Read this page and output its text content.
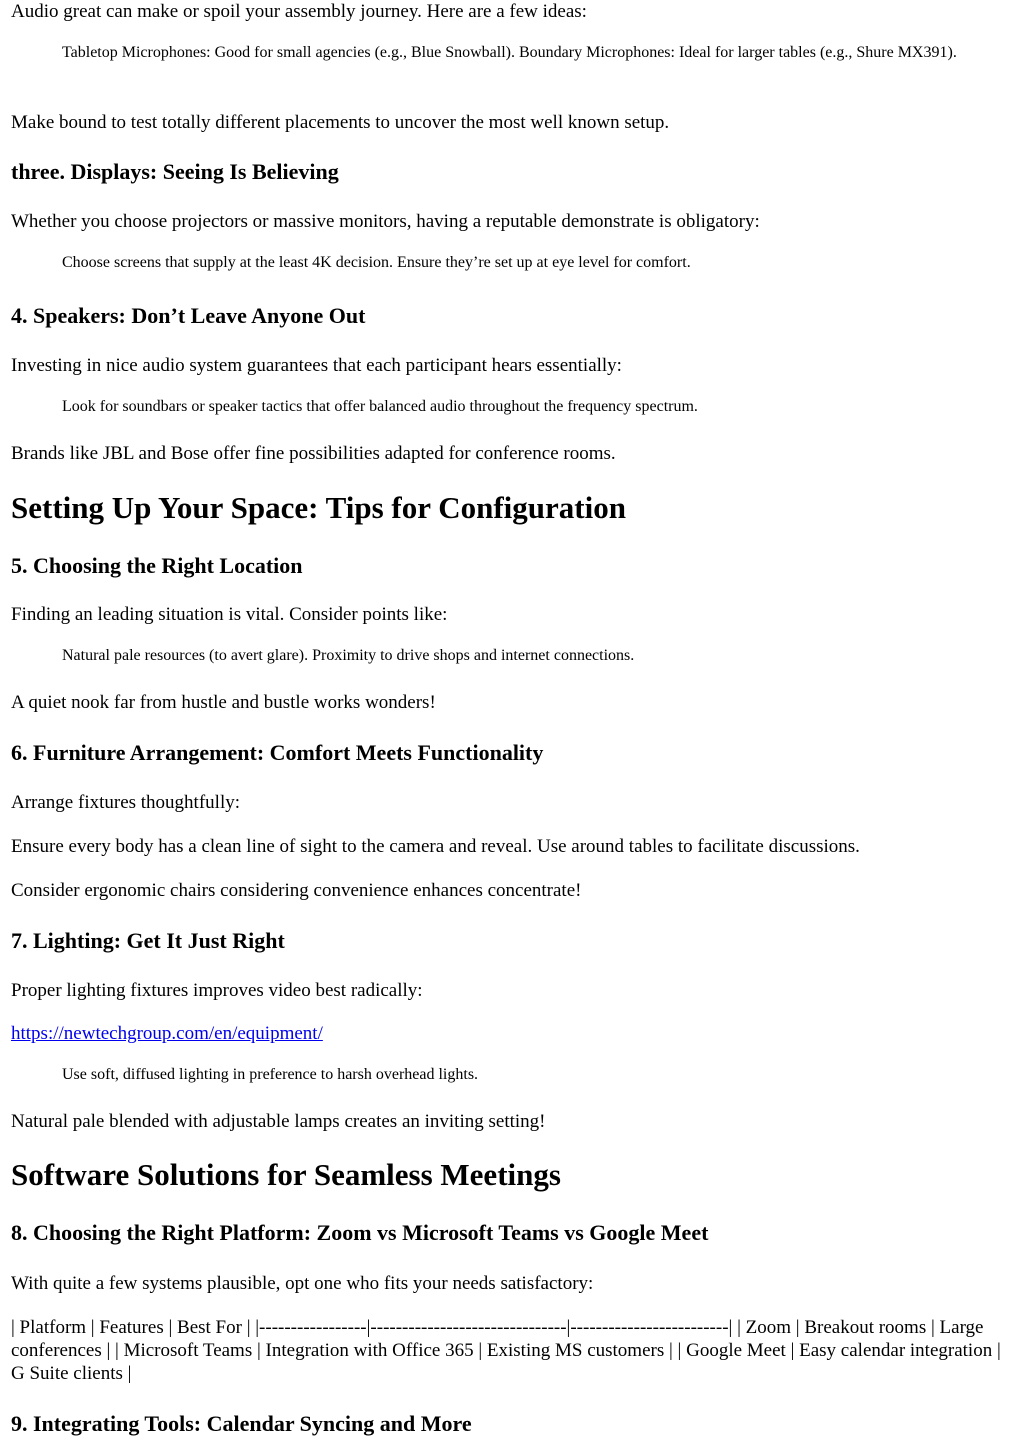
Audio great can make or spoil your assembly journey. Here are a few ideas:

Tabletop Microphones: Good for small agencies (e.g., Blue Snowball). Boundary Microphones: Ideal for larger tables (e.g., Shure MX391).

Make bound to test totally different placements to uncover the most well known setup.

three. Displays: Seeing Is Believing

Whether you choose projectors or massive monitors, having a reputable demonstrate is obligatory:

Choose screens that supply at the least 4K decision. Ensure they’re set up at eye level for comfort.
4. Speakers: Don’t Leave Anyone Out

Investing in nice audio system guarantees that each participant hears essentially:

Look for soundbars or speaker tactics that offer balanced audio throughout the frequency spectrum.

Brands like JBL and Bose offer fine possibilities adapted for conference rooms.

Setting Up Your Space: Tips for Configuration
5. Choosing the Right Location

Finding an leading situation is vital. Consider points like:

Natural pale resources (to avert glare). Proximity to drive shops and internet connections.

A quiet nook far from hustle and bustle works wonders!

6. Furniture Arrangement: Comfort Meets Functionality

Arrange fixtures thoughtfully:

Ensure every body has a clean line of sight to the camera and reveal. Use around tables to facilitate discussions.

Consider ergonomic chairs considering convenience enhances concentrate!

7. Lighting: Get It Just Right

Proper lighting fixtures improves video best radically:

https://newtechgroup.com/en/equipment/

Use soft, diffused lighting in preference to harsh overhead lights.

Natural pale blended with adjustable lamps creates an inviting setting!

Software Solutions for Seamless Meetings
8. Choosing the Right Platform: Zoom vs Microsoft Teams vs Google Meet

With quite a few systems plausible, opt one who fits your needs satisfactory:

| Platform | Features | Best For | |-----------------|-------------------------------|-------------------------| | Zoom | Breakout rooms | Large conferences | | Microsoft Teams | Integration with Office 365 | Existing MS customers | | Google Meet | Easy calendar integration | G Suite clients |

9. Integrating Tools: Calendar Syncing and More
